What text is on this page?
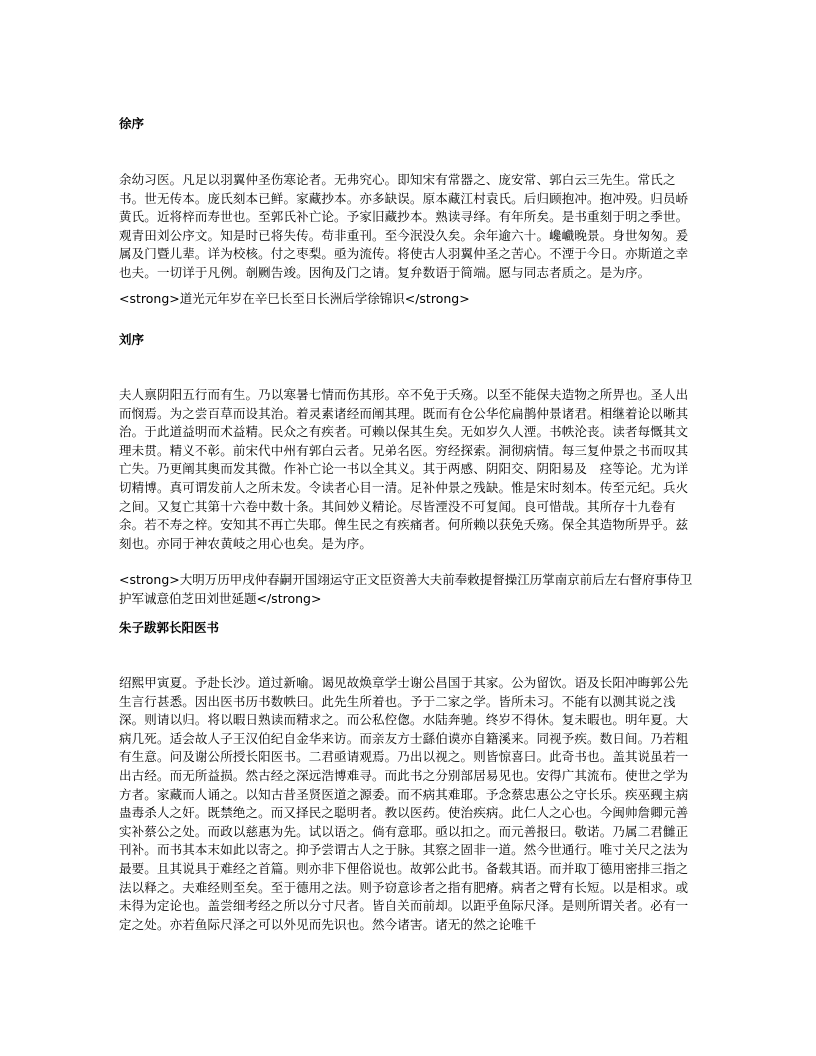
徐序

余幼习医。凡足以羽翼仲圣伤寒论者。无弗究心。即知宋有常器之、庞安常、郭白云三先生。常氏之书。世无传本。庞氏刻本已鲜。家藏抄本。亦多缺误。原本藏江村袁氏。后归顾抱冲。抱冲殁。归员峤黄氏。近将梓而寿世也。至郭氏补亡论。予家旧藏抄本。熟读寻绎。有年所矣。是书重刻于明之季世。观青田刘公序文。知是时已将失传。苟非重刊。至今泯没久矣。余年逾六十。巉巇晚景。身世匆匆。爰属及门暨儿辈。详为校核。付之枣梨。亟为流传。将使古人羽翼仲圣之苦心。不湮于今日。亦斯道之幸也夫。一切详于凡例。剞劂告竣。因徇及门之请。复弁数语于简端。愿与同志者质之。是为序。

<strong>道光元年岁在辛巳长至日长洲后学徐锦识</strong>

刘序

夫人禀阴阳五行而有生。乃以寒暑七情而伤其形。卒不免于夭殇。以至不能保夫造物之所畀也。圣人出而悯焉。为之尝百草而设其治。着灵素诸经而阐其理。既而有仓公华佗扁鹊仲景诸君。相继着论以晰其治。于此道益明而术益精。民众之有疾者。可赖以保其生矣。无如岁久人湮。书帙沦丧。读者每慨其文理未贯。精义不彰。前宋代中州有郭白云者。兄弟名医。穷经探索。洞彻病情。每三复仲景之书而叹其亡失。乃更阐其奥而发其微。作补亡论一书以全其义。其于两感、阴阳交、阴阳易及　痉等论。尤为详切精博。真可谓发前人之所未发。令读者心目一清。足补仲景之残缺。惟是宋时刻本。传至元纪。兵火之间。又复亡其第十六卷中数十条。其间妙义精论。尽皆湮没不可复闻。良可惜哉。其所存十九卷有余。若不寿之梓。安知其不再亡失耶。俾生民之有疾痛者。何所赖以获免夭殇。保全其造物所畀乎。兹刻也。亦同于神农黄岐之用心也矣。是为序。

<strong>大明万历甲戌仲春嗣开国翊运守正文臣资善大夫前奉敕提督操江历掌南京前后左右督府事侍卫护军诚意伯芝田刘世延题</strong>

朱子跋郭长阳医书

绍熙甲寅夏。予赴长沙。道过新喻。谒见故焕章学士谢公昌国于其家。公为留饮。语及长阳冲晦郭公先生言行甚悉。因出医书历书数帙曰。此先生所着也。予于二家之学。皆所未习。不能有以测其说之浅深。则请以归。将以暇日熟读而精求之。而公私倥偬。水陆奔驰。终岁不得休。复未暇也。明年夏。大病几死。适会故人子王汉伯纪自金华来访。而亲友方士繇伯谟亦自籍溪来。同视予疾。数日间。乃若粗有生意。问及谢公所授长阳医书。二君亟请观焉。乃出以视之。则皆惊喜曰。此奇书也。盖其说虽若一出古经。而无所益损。然古经之深远浩博难寻。而此书之分别部居易见也。安得广其流布。使世之学为方者。家藏而人诵之。以知古昔圣贤医道之源委。而不病其难耶。予念蔡忠惠公之守长乐。疾巫觋主病蛊毒杀人之奸。既禁绝之。而又择民之聪明者。教以医药。使治疾病。此仁人之心也。今闽帅詹卿元善实补蔡公之处。而政以慈惠为先。试以语之。倘有意耶。亟以扣之。而元善报曰。敬诺。乃属二君雠正刊补。而书其本末如此以寄之。抑予尝谓古人之于脉。其察之固非一道。然今世通行。唯寸关尺之法为最要。且其说具于难经之首篇。则亦非下俚俗说也。故郭公此书。备载其语。而并取丁德用密排三指之法以释之。夫难经则至矣。至于德用之法。则予窃意诊者之指有肥瘠。病者之臂有长短。以是相求。或未得为定论也。盖尝细考经之所以分寸尺者。皆自关而前却。以距乎鱼际尺泽。是则所谓关者。必有一定之处。亦若鱼际尺泽之可以外见而先识也。然今诸害。诸无的然之论唯千
